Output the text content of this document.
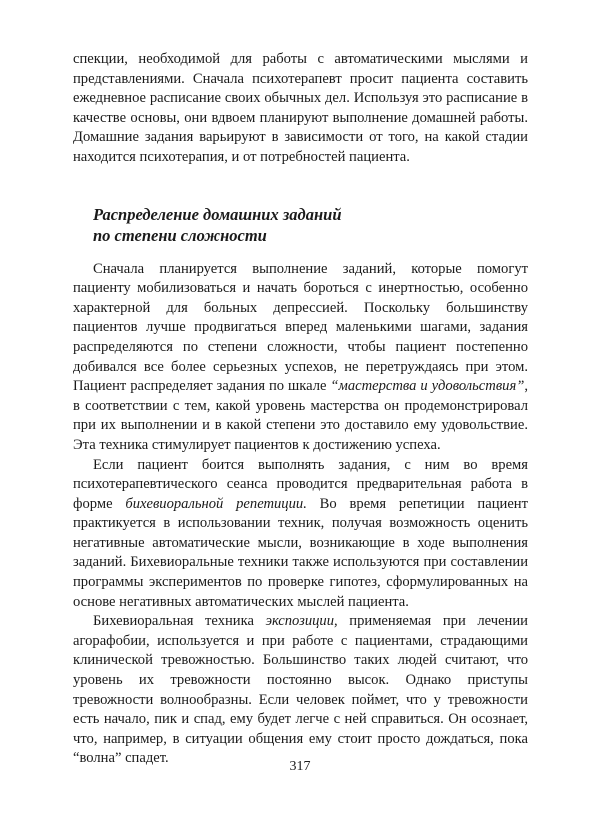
спекции, необходимой для работы с автоматическими мыслями и представлениями. Сначала психотерапевт просит пациента составить ежедневное расписание своих обычных дел. Используя это расписание в качестве основы, они вдвоем планируют выполнение домашней работы. Домашние задания варьируют в зависимости от того, на какой стадии находится психотерапия, и от потребностей пациента.

Распределение домашних заданий
по степени сложности

Сначала планируется выполнение заданий, которые помогут пациенту мобилизоваться и начать бороться с инертностью, особенно характерной для больных депрессией. Поскольку большинству пациентов лучше продвигаться вперед маленькими шагами, задания распределяются по степени сложности, чтобы пациент постепенно добивался все более серьезных успехов, не перетруждаясь при этом. Пациент распределяет задания по шкале “мастерства и удовольствия”, в соответствии с тем, какой уровень мастерства он продемонстрировал при их выполнении и в какой степени это доставило ему удовольствие. Эта техника стимулирует пациентов к достижению успеха.

Если пациент боится выполнять задания, с ним во время психотерапевтического сеанса проводится предварительная работа в форме бихевиоральной репетиции. Во время репетиции пациент практикуется в использовании техник, получая возможность оценить негативные автоматические мысли, возникающие в ходе выполнения заданий. Бихевиоральные техники также используются при составлении программы экспериментов по проверке гипотез, сформулированных на основе негативных автоматических мыслей пациента.

Бихевиоральная техника экспозиции, применяемая при лечении агорафобии, используется и при работе с пациентами, страдающими клинической тревожностью. Большинство таких людей считают, что уровень их тревожности постоянно высок. Однако приступы тревожности волнообразны. Если человек поймет, что у тревожности есть начало, пик и спад, ему будет легче с ней справиться. Он осознает, что, например, в ситуации общения ему стоит просто дождаться, пока “волна” спадет.

317
